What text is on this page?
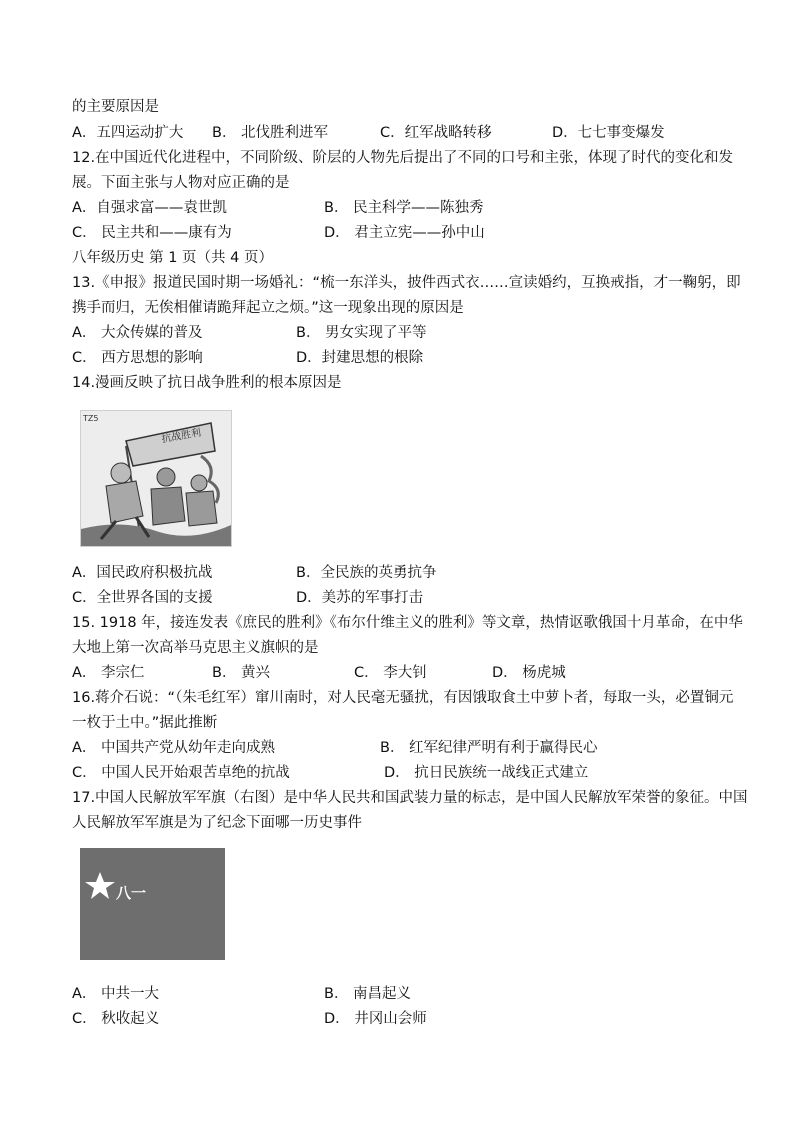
的主要原因是
12.在中国近代化进程中，不同阶级、阶层的人物先后提出了不同的口号和主张，体现了时代的变化和发
展。下面主张与人物对应正确的是
八年级历史 第 1 页（共 4 页）
13.《申报》报道民国时期一场婚礼：“梳一东洋头，披件西式衣……宣读婚约，互换戒指，才一鞠躬，即
携手而归，无俟相催请跪拜起立之烦。”这一现象出现的原因是
14.漫画反映了抗日战争胜利的根本原因是
15. 1918 年，接连发表《庶民的胜利》《布尔什维主义的胜利》等文章，热情讴歌俄国十月革命，在中华
大地上第一次高举马克思主义旗帜的是
16.蒋介石说：“（朱毛红军）窜川南时，对人民毫无骚扰，有因饿取食土中萝卜者，每取一头，必置铜元
一枚于土中。”据此推断
17.中国人民解放军军旗（右图）是中华人民共和国武装力量的标志，是中国人民解放军荣誉的象征。中国
人民解放军军旗是为了纪念下面哪一历史事件
A．五四运动扩大 B． 北伐胜利进军	C．红军战略转移	D．七七事变爆发
A．自强求富——袁世凯	B． 民主科学——陈独秀
C． 民主共和——康有为	D． 君主立宪——孙中山
A． 大众传媒的普及	B． 男女实现了平等
C． 西方思想的影响	D．封建思想的根除
TZ5
抗战胜利
A．国民政府积极抗战	B．全民族的英勇抗争
C．全世界各国的支援	D．美苏的军事打击
A． 李宗仁	B． 黄兴	C． 李大钊	D． 杨虎城
A． 中国共产党从幼年走向成熟	B． 红军纪律严明有利于赢得民心
C． 中国人民开始艰苦卓绝的抗战	D． 抗日民族统一战线正式建立
八一
A． 中共一大	B． 南昌起义
C． 秋收起义	D． 井冈山会师
